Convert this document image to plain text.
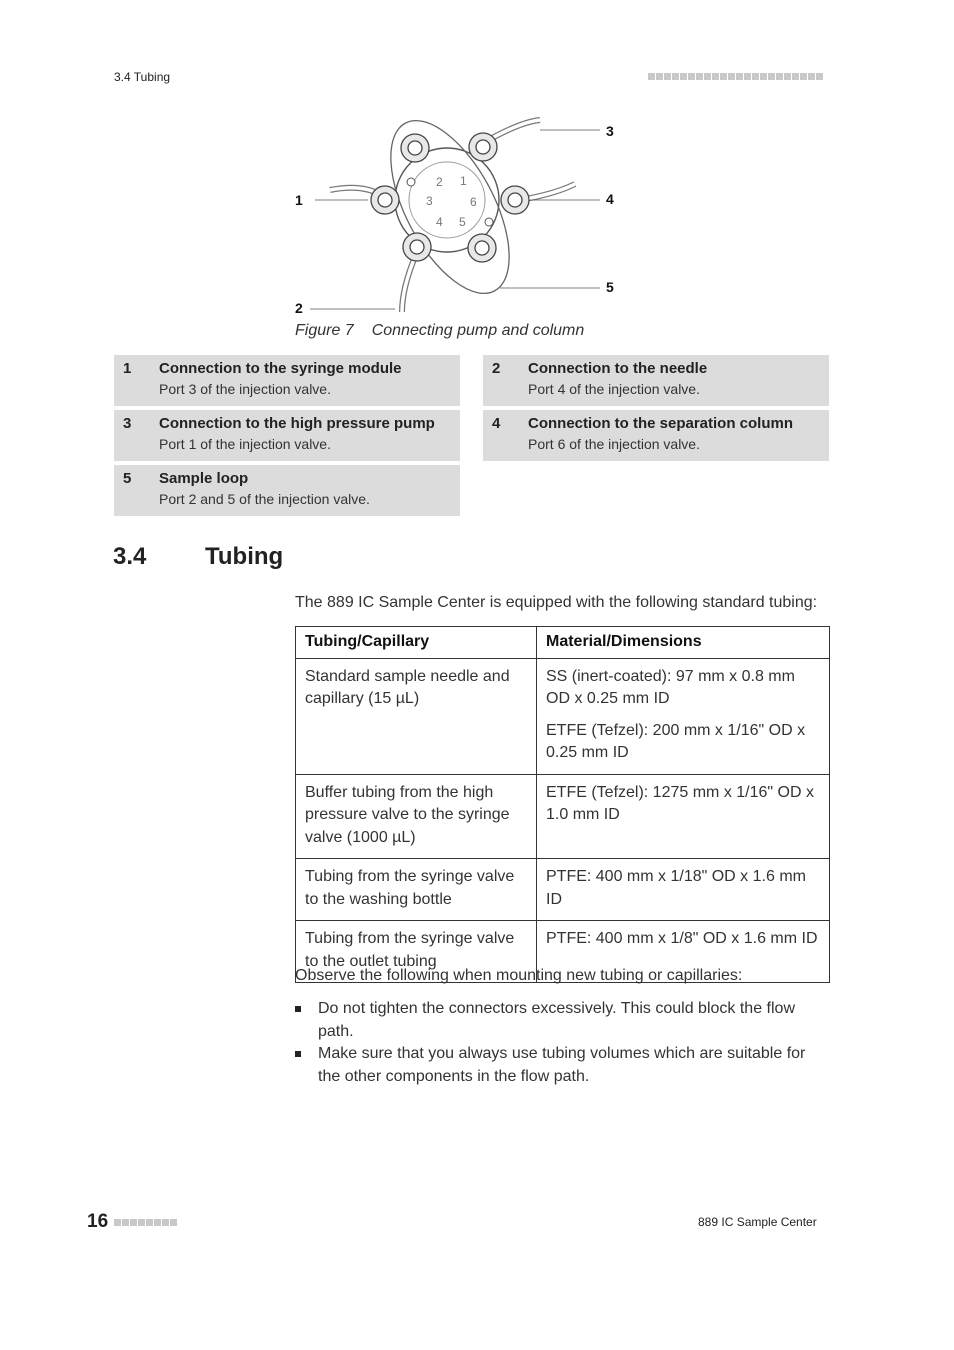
3.4 Tubing
1
2
3
4 5
6
1
2
3
4
5
Figure 7 Connecting pump and column
1 Connection to the syringe module
Port 3 of the injection valve.
2 Connection to the needle
Port 4 of the injection valve.
3 Connection to the high pressure pump
Port 1 of the injection valve.
4 Connection to the separation column
Port 6 of the injection valve.
5 Sample loop
Port 2 and 5 of the injection valve.
3.4 Tubing
The 889 IC Sample Center is equipped with the following standard tubing:
Tubing/Capillary	Material/Dimensions
Standard sample needle and capillary (15 µL)	SS (inert-coated): 97 mm x 0.8 mm OD x 0.25 mm ID

ETFE (Tefzel): 200 mm x 1/16" OD x 0.25 mm ID

Buffer tubing from the high pressure valve to the syringe valve (1000 µL)	ETFE (Tefzel): 1275 mm x 1/16" OD x 1.0 mm ID

Tubing from the syringe valve to the washing bottle	PTFE: 400 mm x 1/18" OD x 1.6 mm ID

Tubing from the syringe valve to the outlet tubing	PTFE: 400 mm x 1/8" OD x 1.6 mm ID

Observe the following when mounting new tubing or capillaries:
Do not tighten the connectors excessively. This could block the flow path.
Make sure that you always use tubing volumes which are suitable for the other components in the flow path.
16	889 IC Sample Center
